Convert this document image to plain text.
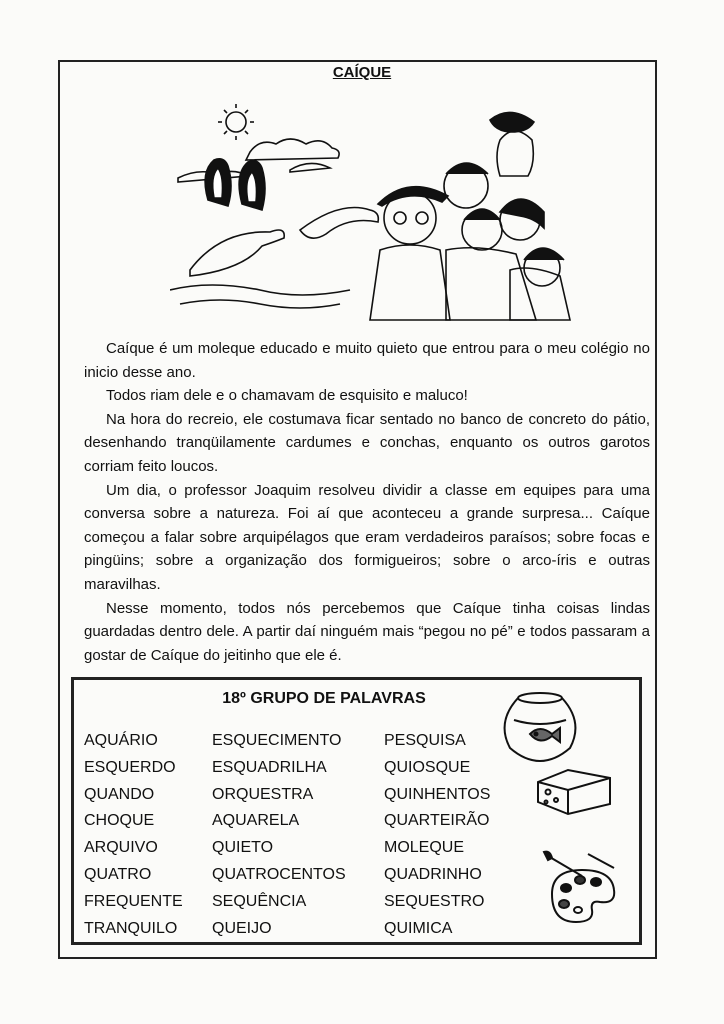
CAÍQUE

Caíque é um moleque educado e muito quieto que entrou para o meu colégio no inicio desse ano.

Todos riam dele e o chamavam de esquisito e maluco!

Na hora do recreio, ele costumava ficar sentado no banco de concreto do pátio, desenhando tranqüilamente cardumes e conchas, enquanto os outros garotos corriam feito loucos.

Um dia, o professor Joaquim resolveu dividir a classe em equipes para uma conversa sobre a natureza. Foi aí que aconteceu a grande surpresa... Caíque começou a falar sobre arquipélagos que eram verdadeiros paraísos; sobre focas e pingüins; sobre a organização dos formigueiros; sobre o arco-íris e outras maravilhas.

Nesse momento, todos nós percebemos que Caíque tinha coisas lindas guardadas dentro dele. A partir daí ninguém mais “pegou no pé” e todos passaram a gostar de Caíque do jeitinho que ele é.

18º GRUPO DE PALAVRAS
AQUÁRIO
ESQUERDO
QUANDO
CHOQUE
ARQUIVO
QUATRO
FREQUENTE
TRANQUILO
ESQUECIMENTO
ESQUADRILHA
ORQUESTRA
AQUARELA
QUIETO
QUATROCENTOS
SEQUÊNCIA
QUEIJO
PESQUISA
QUIOSQUE
QUINHENTOS
QUARTEIRÃO
MOLEQUE
QUADRINHO
SEQUESTRO
QUIMICA
